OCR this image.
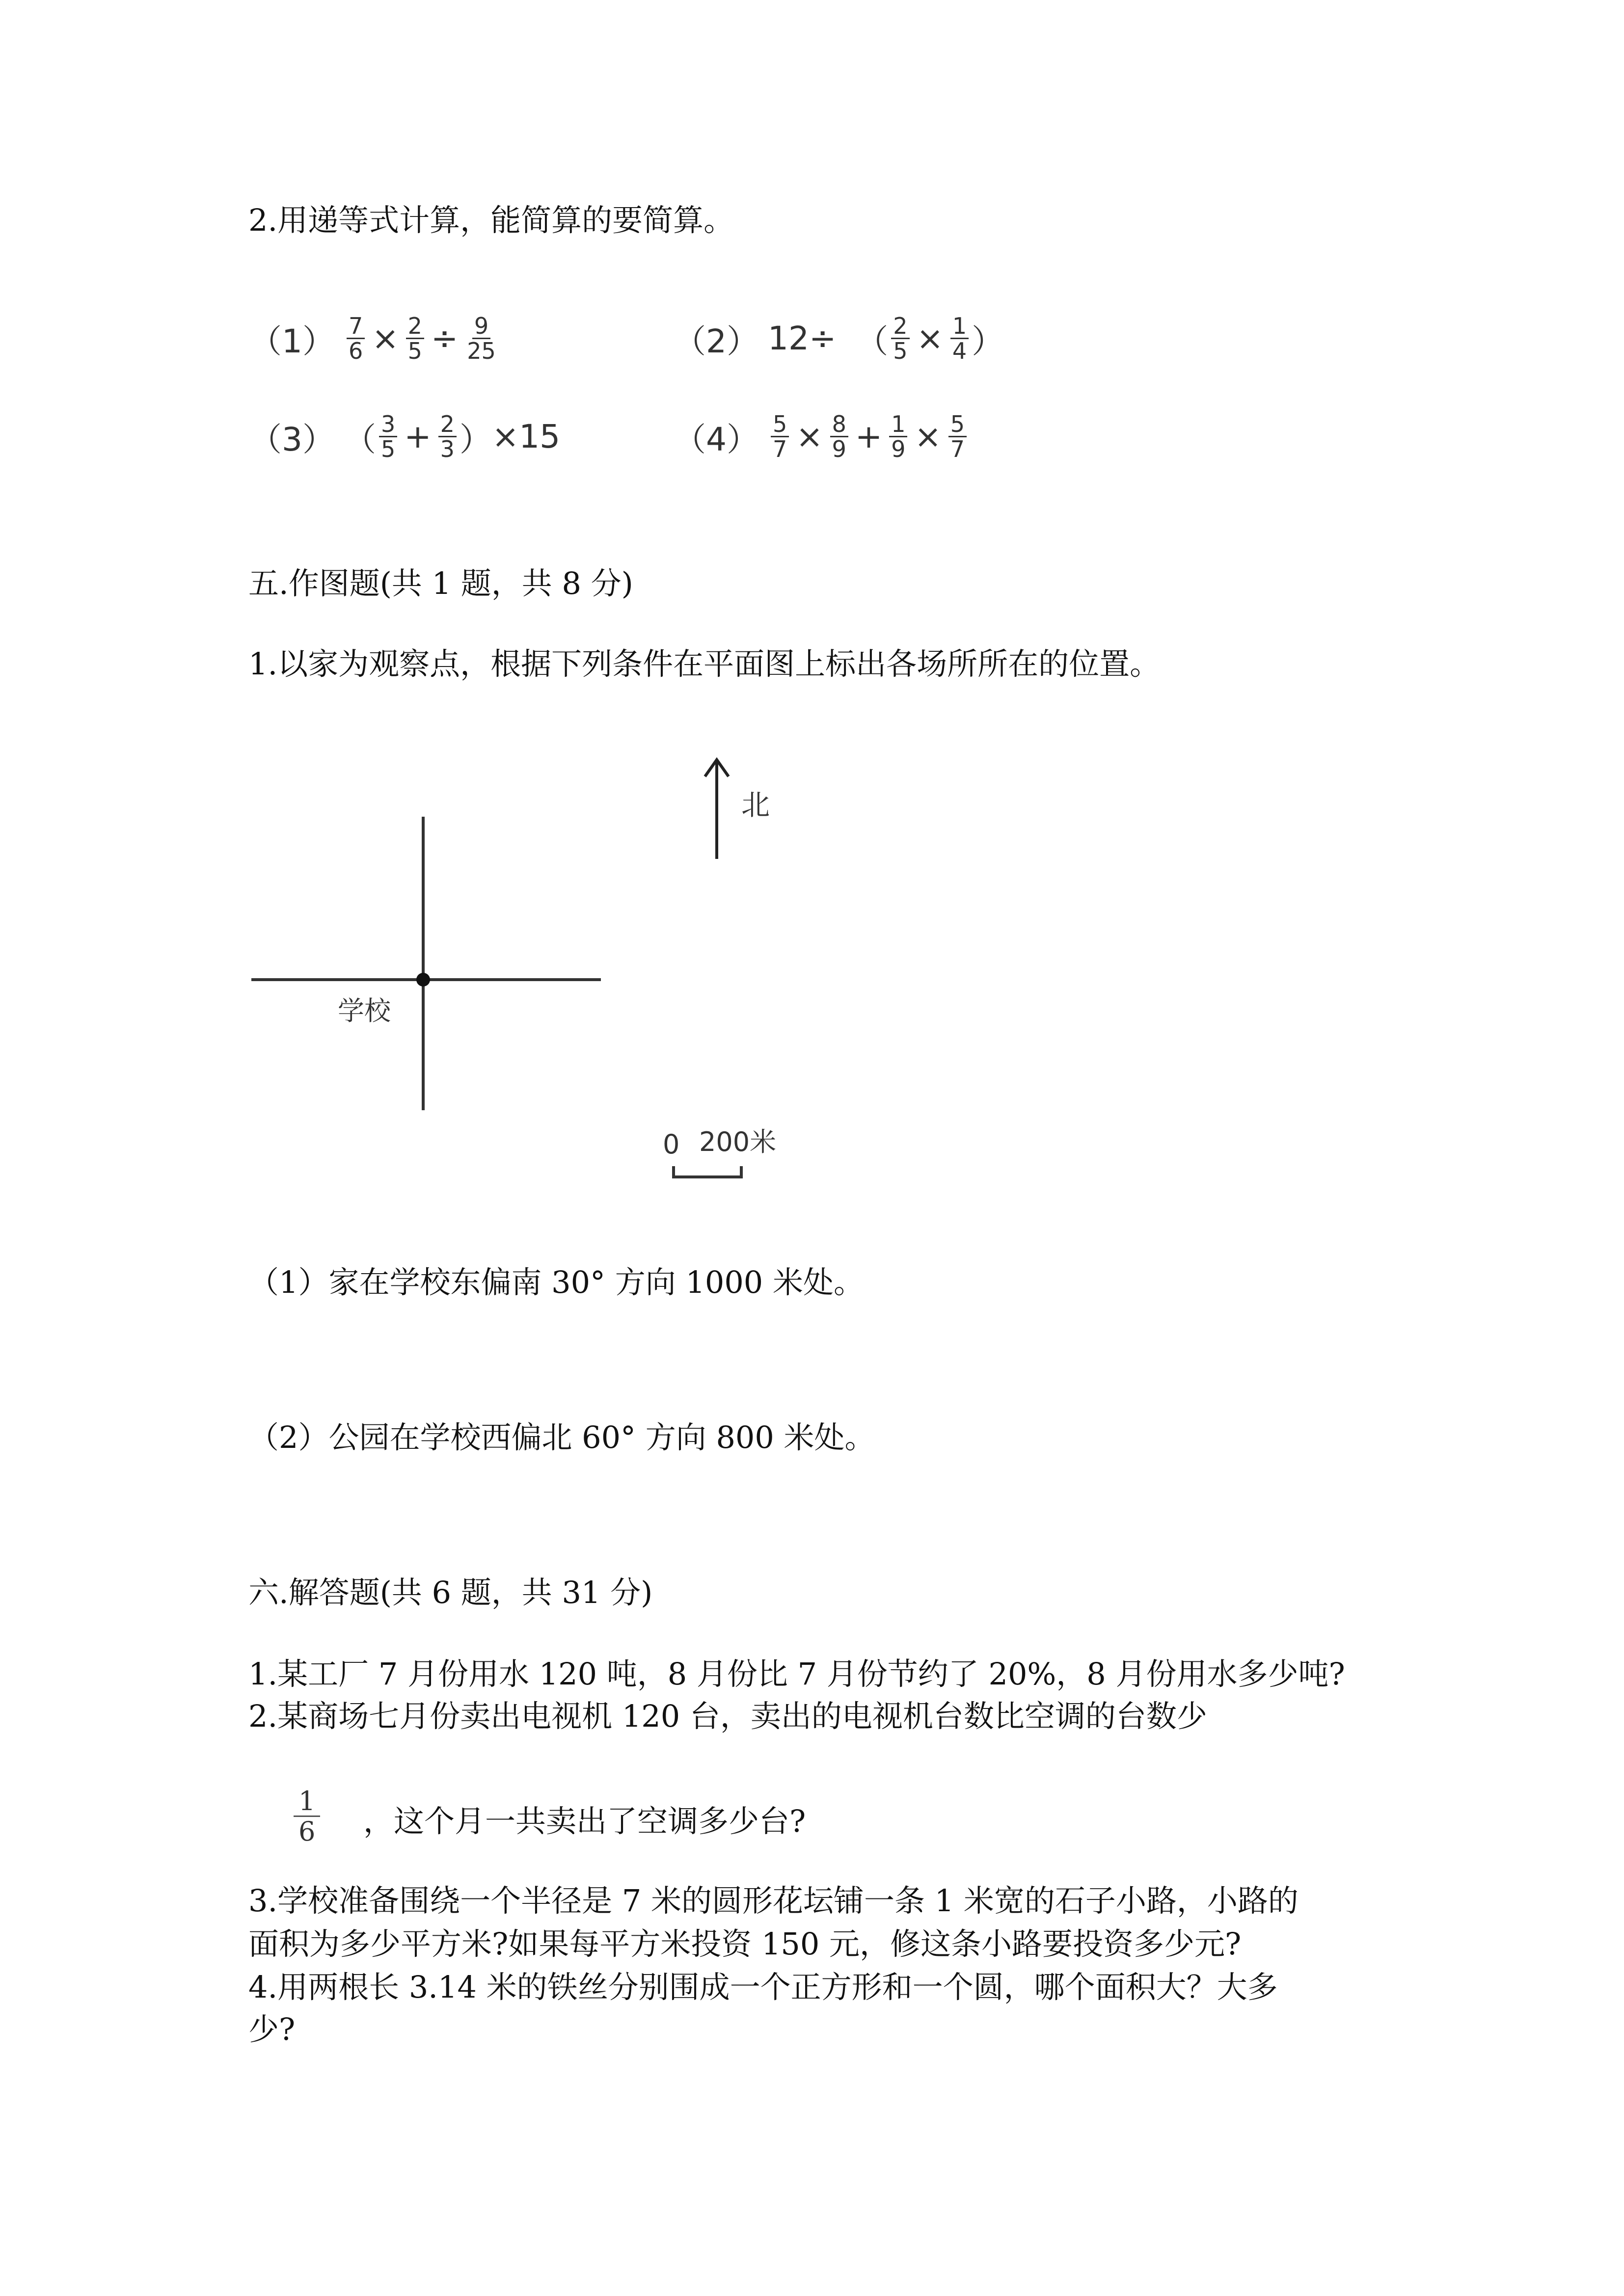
2.用递等式计算，能简算的要简算。
$(1) \frac{7}{6} \times \frac{2}{5} \div \frac{9}{25}$	（2） 12÷ （ $\frac{2}{5} \times \frac{1}{4}$ ）
（3） （ $\frac{3}{5} + \frac{2}{3}$ ） ×15	$(4) \frac{5}{7} \times \frac{8}{9} + \frac{1}{9} \times \frac{5}{7}$
五.作图题(共 1 题，共 8 分)
1.以家为观察点，根据下列条件在平面图上标出各场所所在的位置。
北
学校
0 200米
（1）家在学校东偏南 30° 方向 1000 米处。
（2）公园在学校西偏北 60° 方向 800 米处。
六.解答题(共 6 题，共 31 分)
1.某工厂 7 月份用水 120 吨，8 月份比 7 月份节约了 20%，8 月份用水多少吨?
2.某商场七月份卖出电视机 120 台，卖出的电视机台数比空调的台数少
$\frac{1}{6}$ ，这个月一共卖出了空调多少台?
3.学校准备围绕一个半径是 7 米的圆形花坛铺一条 1 米宽的石子小路，小路的
面积为多少平方米?如果每平方米投资 150 元，修这条小路要投资多少元?
4.用两根长 3.14 米的铁丝分别围成一个正方形和一个圆，哪个面积大？大多
少?
